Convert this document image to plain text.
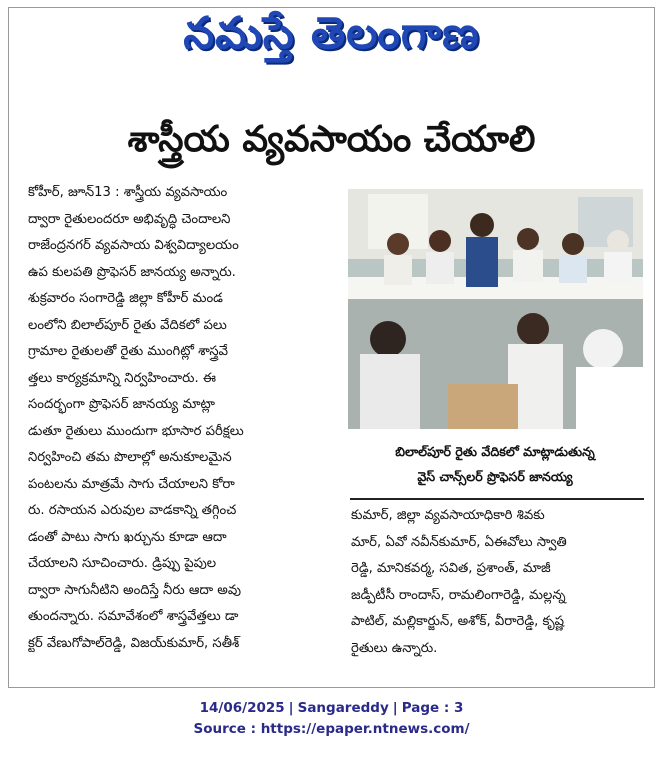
నమస్తే తెలంగాణ
శాస్త్రీయ వ్యవసాయం చేయాలి
కోహీర్, జూన్13 : శాస్త్రీయ వ్యవసాయం
ద్వారా రైతులందరూ అభివృద్ధి చెందాలని
రాజేంద్రనగర్ వ్యవసాయ విశ్వవిద్యాలయం
ఉప కులపతి ప్రొఫెసర్ జానయ్య అన్నారు.
శుక్రవారం సంగారెడ్డి జిల్లా కోహీర్ మండ
లంలోని బిలాల్‌పూర్ రైతు వేదికలో పలు
గ్రామాల రైతులతో రైతు ముంగిట్లో శాస్త్రవే
త్తలు కార్యక్రమాన్ని నిర్వహించారు. ఈ
సందర్భంగా ప్రొఫెసర్ జానయ్య మాట్లా
డుతూ రైతులు ముందుగా భూసార పరీక్షలు
నిర్వహించి తమ పొలాల్లో అనుకూలమైన
పంటలను మాత్రమే సాగు చేయాలని కోరా
రు. రసాయన ఎరువుల వాడకాన్ని తగ్గించ
డంతో పాటు సాగు ఖర్చును కూడా ఆదా
చేయాలని సూచించారు. డ్రిప్పు పైపుల
ద్వారా సాగునీటిని అందిస్తే నీరు ఆదా అవు
తుందన్నారు. సమావేశంలో శాస్త్రవేత్తలు డా
క్టర్ వేణుగోపాల్‌రెడ్డి, విజయ్‌కుమార్, సతీశ్
బిలాల్‌పూర్ రైతు వేదికలో మాట్లాడుతున్న
వైస్ చాన్స్‌లర్ ప్రొఫెసర్ జానయ్య
కుమార్, జిల్లా వ్యవసాయాధికారి శివకు
మార్, ఏవో నవీన్‌కుమార్, ఏఈవోలు స్వాతి
రెడ్డి, మానికవర్మ, సవిత, ప్రశాంత్, మాజీ
జడ్పీటీసీ రాందాస్, రామలింగారెడ్డి, మల్లన్న
పాటిల్, మల్లికార్జున్, అశోక్, వీరారెడ్డి, కృష్ణ
రైతులు ఉన్నారు.
14/06/2025 | Sangareddy | Page : 3
Source : https://epaper.ntnews.com/
